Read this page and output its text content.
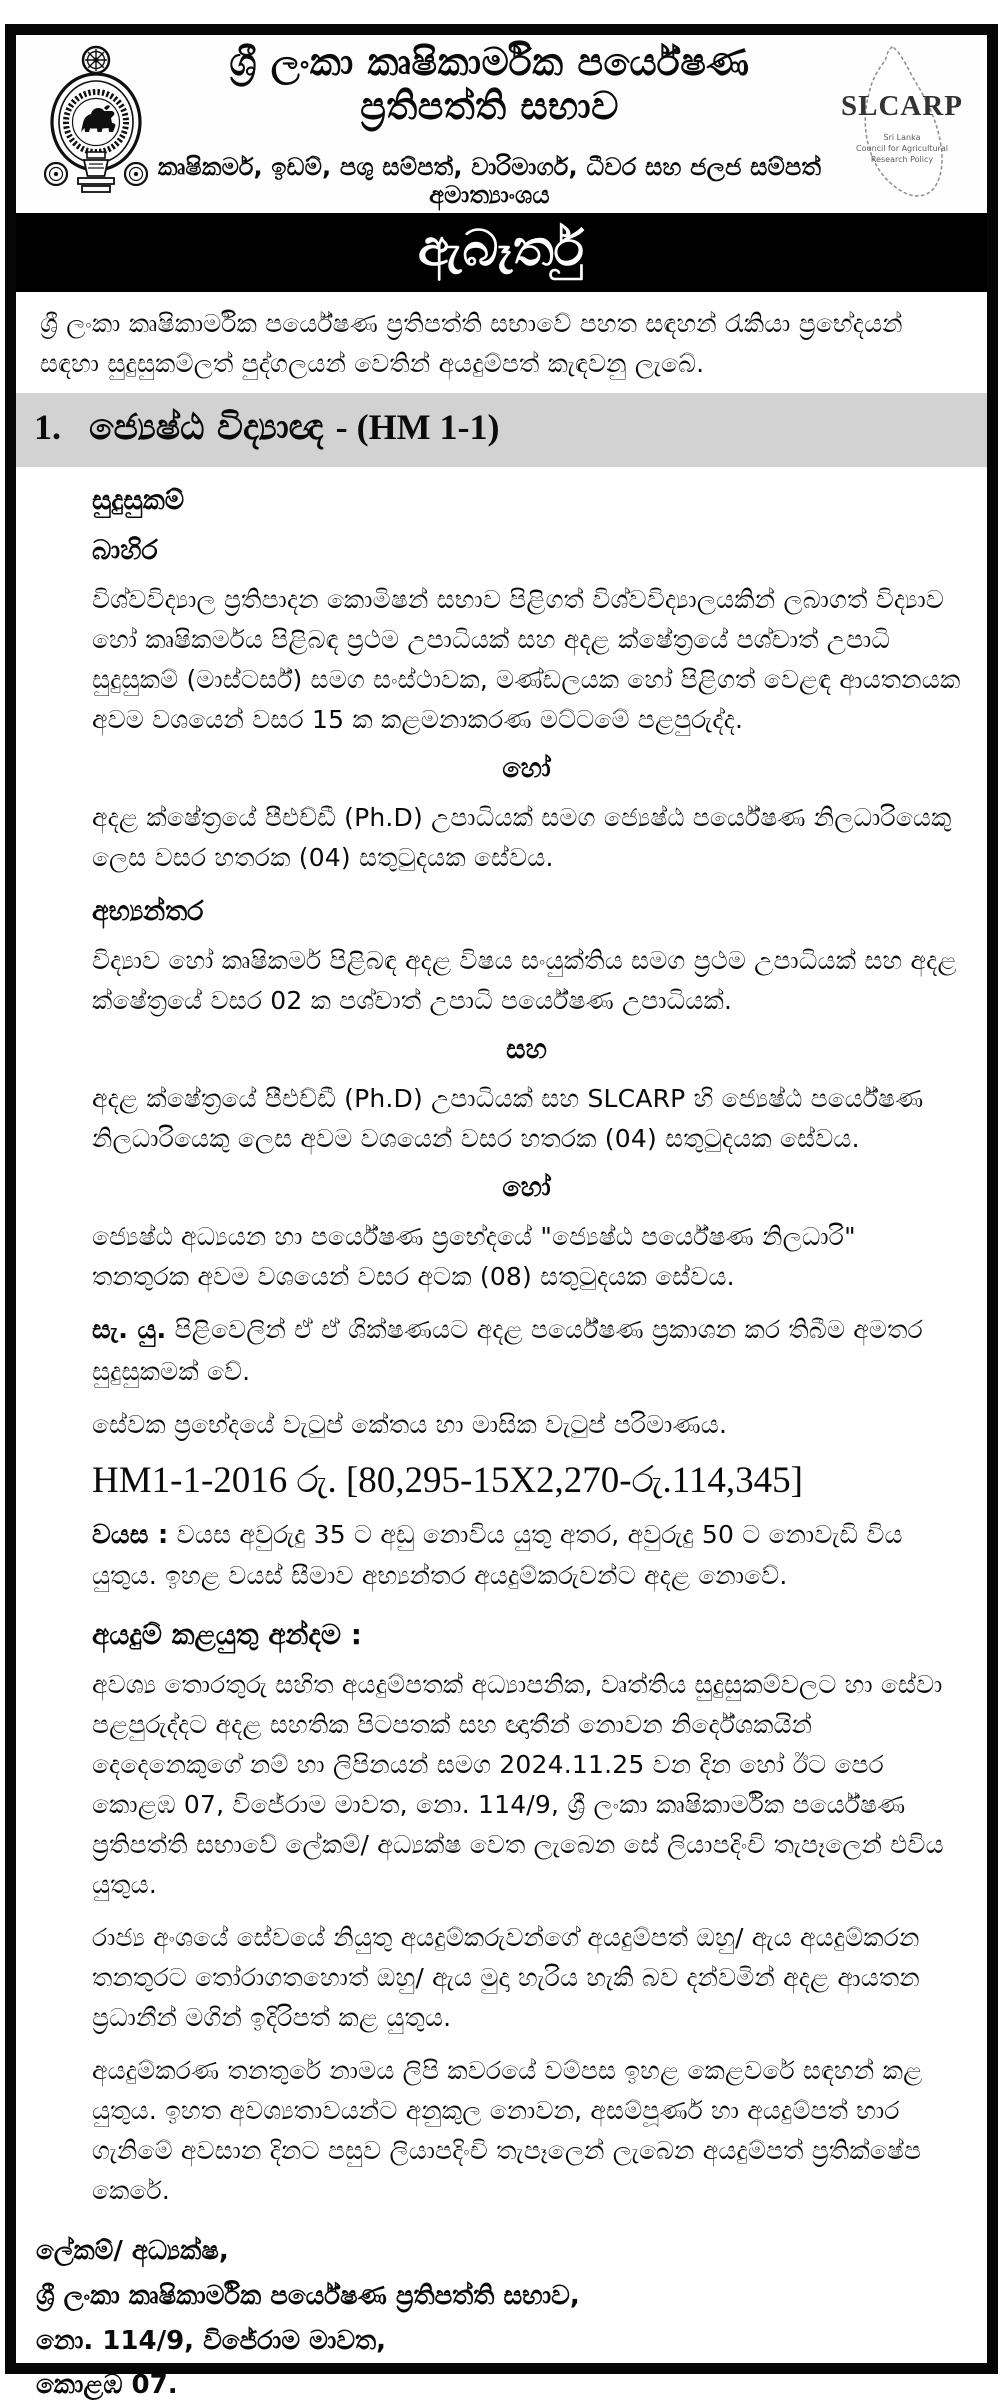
ශ්‍රී ලංකා කෘෂිකාර්මික පර්යේෂණ ප්‍රතිපත්ති සභාව
කෘෂිකර්ම, ඉඩම්, පශු සම්පත්, වාරිමාර්ග, ධීවර සහ ජලජ සම්පත් අමාත්‍යාංශය
SLCARP
Sri Lanka
Council for Agricultural
Research Policy
ඇබෑර්තු

ශ්‍රී ලංකා කෘෂිකාර්මික පර්යේෂණ ප්‍රතිපත්ති සභාවේ පහත සඳහන් රැකියා ප්‍රභේදයන් සඳහා සුදුසුකම්ලත් පුද්ගලයන් වෙතින් අයදුම්පත් කැඳවනු ලැබේ.

1. ජ්‍යෙෂ්ඨ විද්‍යාඥ - (HM 1-1)
සුදුසුකම්
බාහිර

විශ්වවිද්‍යාල ප්‍රතිපාදන කොමිෂන් සභාව පිළිගත් විශ්වවිද්‍යාලයකින් ලබාගත් විද්‍යාව හෝ කෘෂිකර්මය පිළිබඳ ප්‍රථම උපාධියක් සහ අදළ ක්ෂේත්‍රයේ පශ්චාත් උපාධි සුදුසුකම් (මාස්ටර්ස්) සමග සංස්ථාවක, මණ්ඩලයක හෝ පිළිගත් වෙළඳ ආයතනයක අවම වශයෙන් වසර 15 ක කළමනාකරණ මට්ටමේ පළපුරුද්ද.

හෝ

අදළ ක්ෂේත්‍රයේ පීඑච්ඩී (Ph.D) උපාධියක් සමග ජ්‍යෙෂ්ඨ පර්යේෂණ නිලධාරියෙකු ලෙස වසර හතරක (04) සතුටුදයක සේවය.

අභ්‍යන්තර

විද්‍යාව හෝ කෘෂිකර්ම පිළිබඳ අදළ විෂය සංයුක්තිය සමග ප්‍රථම උපාධියක් සහ අදළ ක්ෂේත්‍රයේ වසර 02 ක පශ්චාත් උපාධි පර්යේෂණ උපාධියක්.

සහ

අදළ ක්ෂේත්‍රයේ පීඑච්ඩී (Ph.D) උපාධියක් සහ SLCARP හි ජ්‍යෙෂ්ඨ පර්යේෂණ නිලධාරියෙකු ලෙස අවම වශයෙන් වසර හතරක (04) සතුටුදයක සේවය.

හෝ

ජ්‍යෙෂ්ඨ අධ්‍යයන හා පර්යේෂණ ප්‍රභේදයේ "ජ්‍යෙෂ්ඨ පර්යේෂණ නිලධාරි" තනතුරක අවම වශයෙන් වසර අටක (08) සතුටුදයක සේවය.

සැ. යු. පිළිවෙලින් ඒ ඒ ශික්ෂණයට අදළ පර්යේෂණ ප්‍රකාශන කර තිබීම අමතර සුදුසුකමක් වේ.

සේවක ප්‍රභේදයේ වැටුප් කේතය හා මාසික වැටුප් පරිමාණය.

HM1-1-2016 රු. [80,295-15X2,270-රු.114,345]

වයස : වයස අවුරුදු 35 ට අඩු නොවිය යුතු අතර, අවුරුදු 50 ට නොවැඩි විය යුතුය. ඉහළ වයස් සීමාව අභ්‍යන්තර අයදුම්කරුවන්ට අදළ නොවේ.

අයදුම් කළයුතු අන්දම :

අවශ්‍ය තොරතුරු සහිත අයදුම්පතක් අධ්‍යාපනික, වෘත්තිය සුදුසුකම්වලට හා සේවා පළපුරුද්දට අදළ සහතික පිටපතක් සහ ඥාතීන් නොවන නිර්දේශකයින් දෙදෙනෙකුගේ නම් හා ලිපිනයන් සමග 2024.11.25 වන දින හෝ ඊට පෙර කොළඹ 07, විජේරාම මාවත, නො. 114/9, ශ්‍රී ලංකා කෘෂිකාර්මික පර්යේෂණ ප්‍රතිපත්ති සභාවේ ලේකම්/ අධ්‍යක්ෂ වෙත ලැබෙන සේ ලියාපදිංචි තැපෑලෙන් එවිය යුතුය.

රාජ්‍ය අංශයේ සේවයේ නියුතු අයදුම්කරුවන්ගේ අයදුම්පත් ඔහු/ ඇය අයදුම්කරන තනතුරට තෝරාගතහොත් ඔහු/ ඇය මුදා හැරිය හැකි බව දන්වමින් අදළ ආයතන ප්‍රධානීන් මගින් ඉදිරිපත් කළ යුතුය.

අයදුම්කරණ තනතුරේ නාමය ලිපි කවරයේ වම්පස ඉහළ කෙළවරේ සඳහන් කළ යුතුය. ඉහත අවශ්‍යතාවයන්ට අනුකුල නොවන, අසම්පූර්ණ හා අයදුම්පත් භාර ගැනිමේ අවසාන දිනට පසුව ලියාපදිංචි තැපෑලෙන් ලැබෙන අයදුම්පත් ප්‍රතික්ෂේප කෙරේ.

ලේකම්/ අධ්‍යක්ෂ,
ශ්‍රී ලංකා කෘෂිකාර්මික පර්යේෂණ ප්‍රතිපත්ති සභාව,
නො. 114/9, විජේරාම මාවත,
කොළඹ 07.
